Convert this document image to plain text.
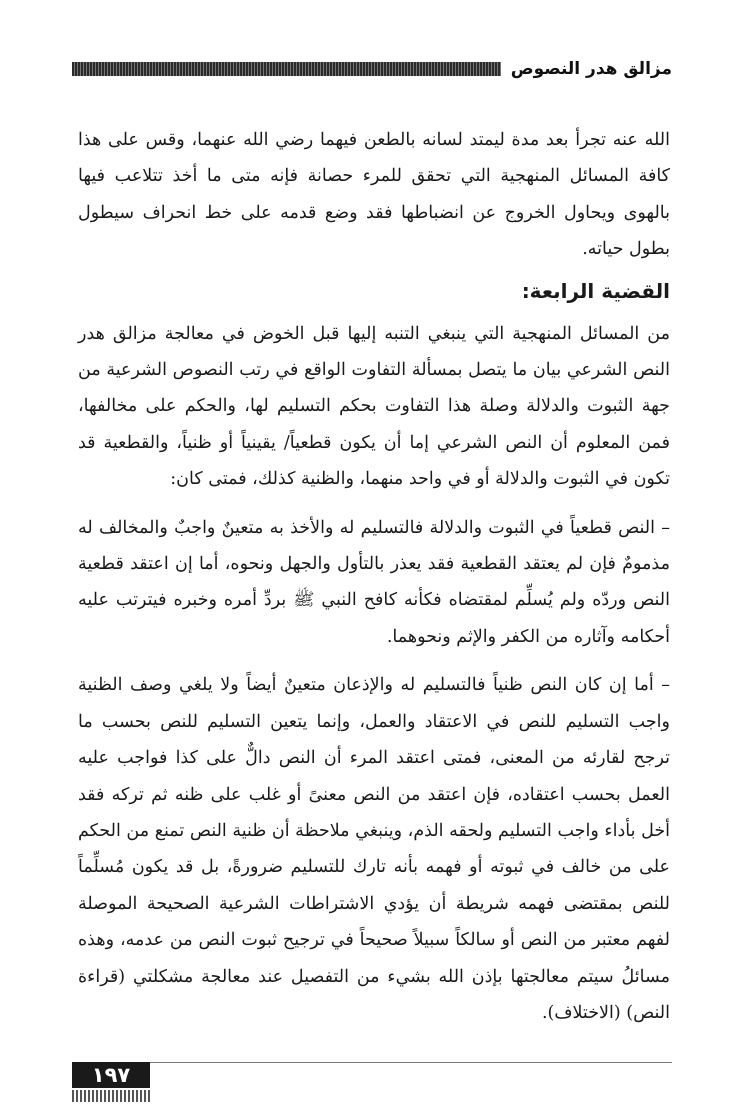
مزالق هدر النصوص

الله عنه تجرأ بعد مدة ليمتد لسانه بالطعن فيهما رضي الله عنهما، وقس على هذا كافة المسائل المنهجية التي تحقق للمرء حصانة فإنه متى ما أخذ تتلاعب فيها بالهوى ويحاول الخروج عن انضباطها فقد وضع قدمه على خط انحراف سيطول بطول حياته.

القضية الرابعة:

من المسائل المنهجية التي ينبغي التنبه إليها قبل الخوض في معالجة مزالق هدر النص الشرعي بيان ما يتصل بمسألة التفاوت الواقع في رتب النصوص الشرعية من جهة الثبوت والدلالة وصلة هذا التفاوت بحكم التسليم لها، والحكم على مخالفها، فمن المعلوم أن النص الشرعي إما أن يكون قطعياً/ يقينياً أو ظنياً، والقطعية قد تكون في الثبوت والدلالة أو في واحد منهما، والظنية كذلك، فمتى كان:

– النص قطعياً في الثبوت والدلالة فالتسليم له والأخذ به متعينٌ واجبٌ والمخالف له مذمومٌ فإن لم يعتقد القطعية فقد يعذر بالتأول والجهل ونحوه، أما إن اعتقد قطعية النص وردّه ولم يُسلِّم لمقتضاه فكأنه كافح النبي ﷺ بردِّ أمره وخبره فيترتب عليه أحكامه وآثاره من الكفر والإثم ونحوهما.

– أما إن كان النص ظنياً فالتسليم له والإذعان متعينٌ أيضاً ولا يلغي وصف الظنية واجب التسليم للنص في الاعتقاد والعمل، وإنما يتعين التسليم للنص بحسب ما ترجح لقارئه من المعنى، فمتى اعتقد المرء أن النص دالٌّ على كذا فواجب عليه العمل بحسب اعتقاده، فإن اعتقد من النص معنىً أو غلب على ظنه ثم تركه فقد أخل بأداء واجب التسليم ولحقه الذم، وينبغي ملاحظة أن ظنية النص تمنع من الحكم على من خالف في ثبوته أو فهمه بأنه تارك للتسليم ضرورةً، بل قد يكون مُسلِّماً للنص بمقتضى فهمه شريطة أن يؤدي الاشتراطات الشرعية الصحيحة الموصلة لفهم معتبر من النص أو سالكاً سبيلاً صحيحاً في ترجيح ثبوت النص من عدمه، وهذه مسائلُ سيتم معالجتها بإذن الله بشيء من التفصيل عند معالجة مشكلتي (قراءة النص) (الاختلاف).

١٩٧
